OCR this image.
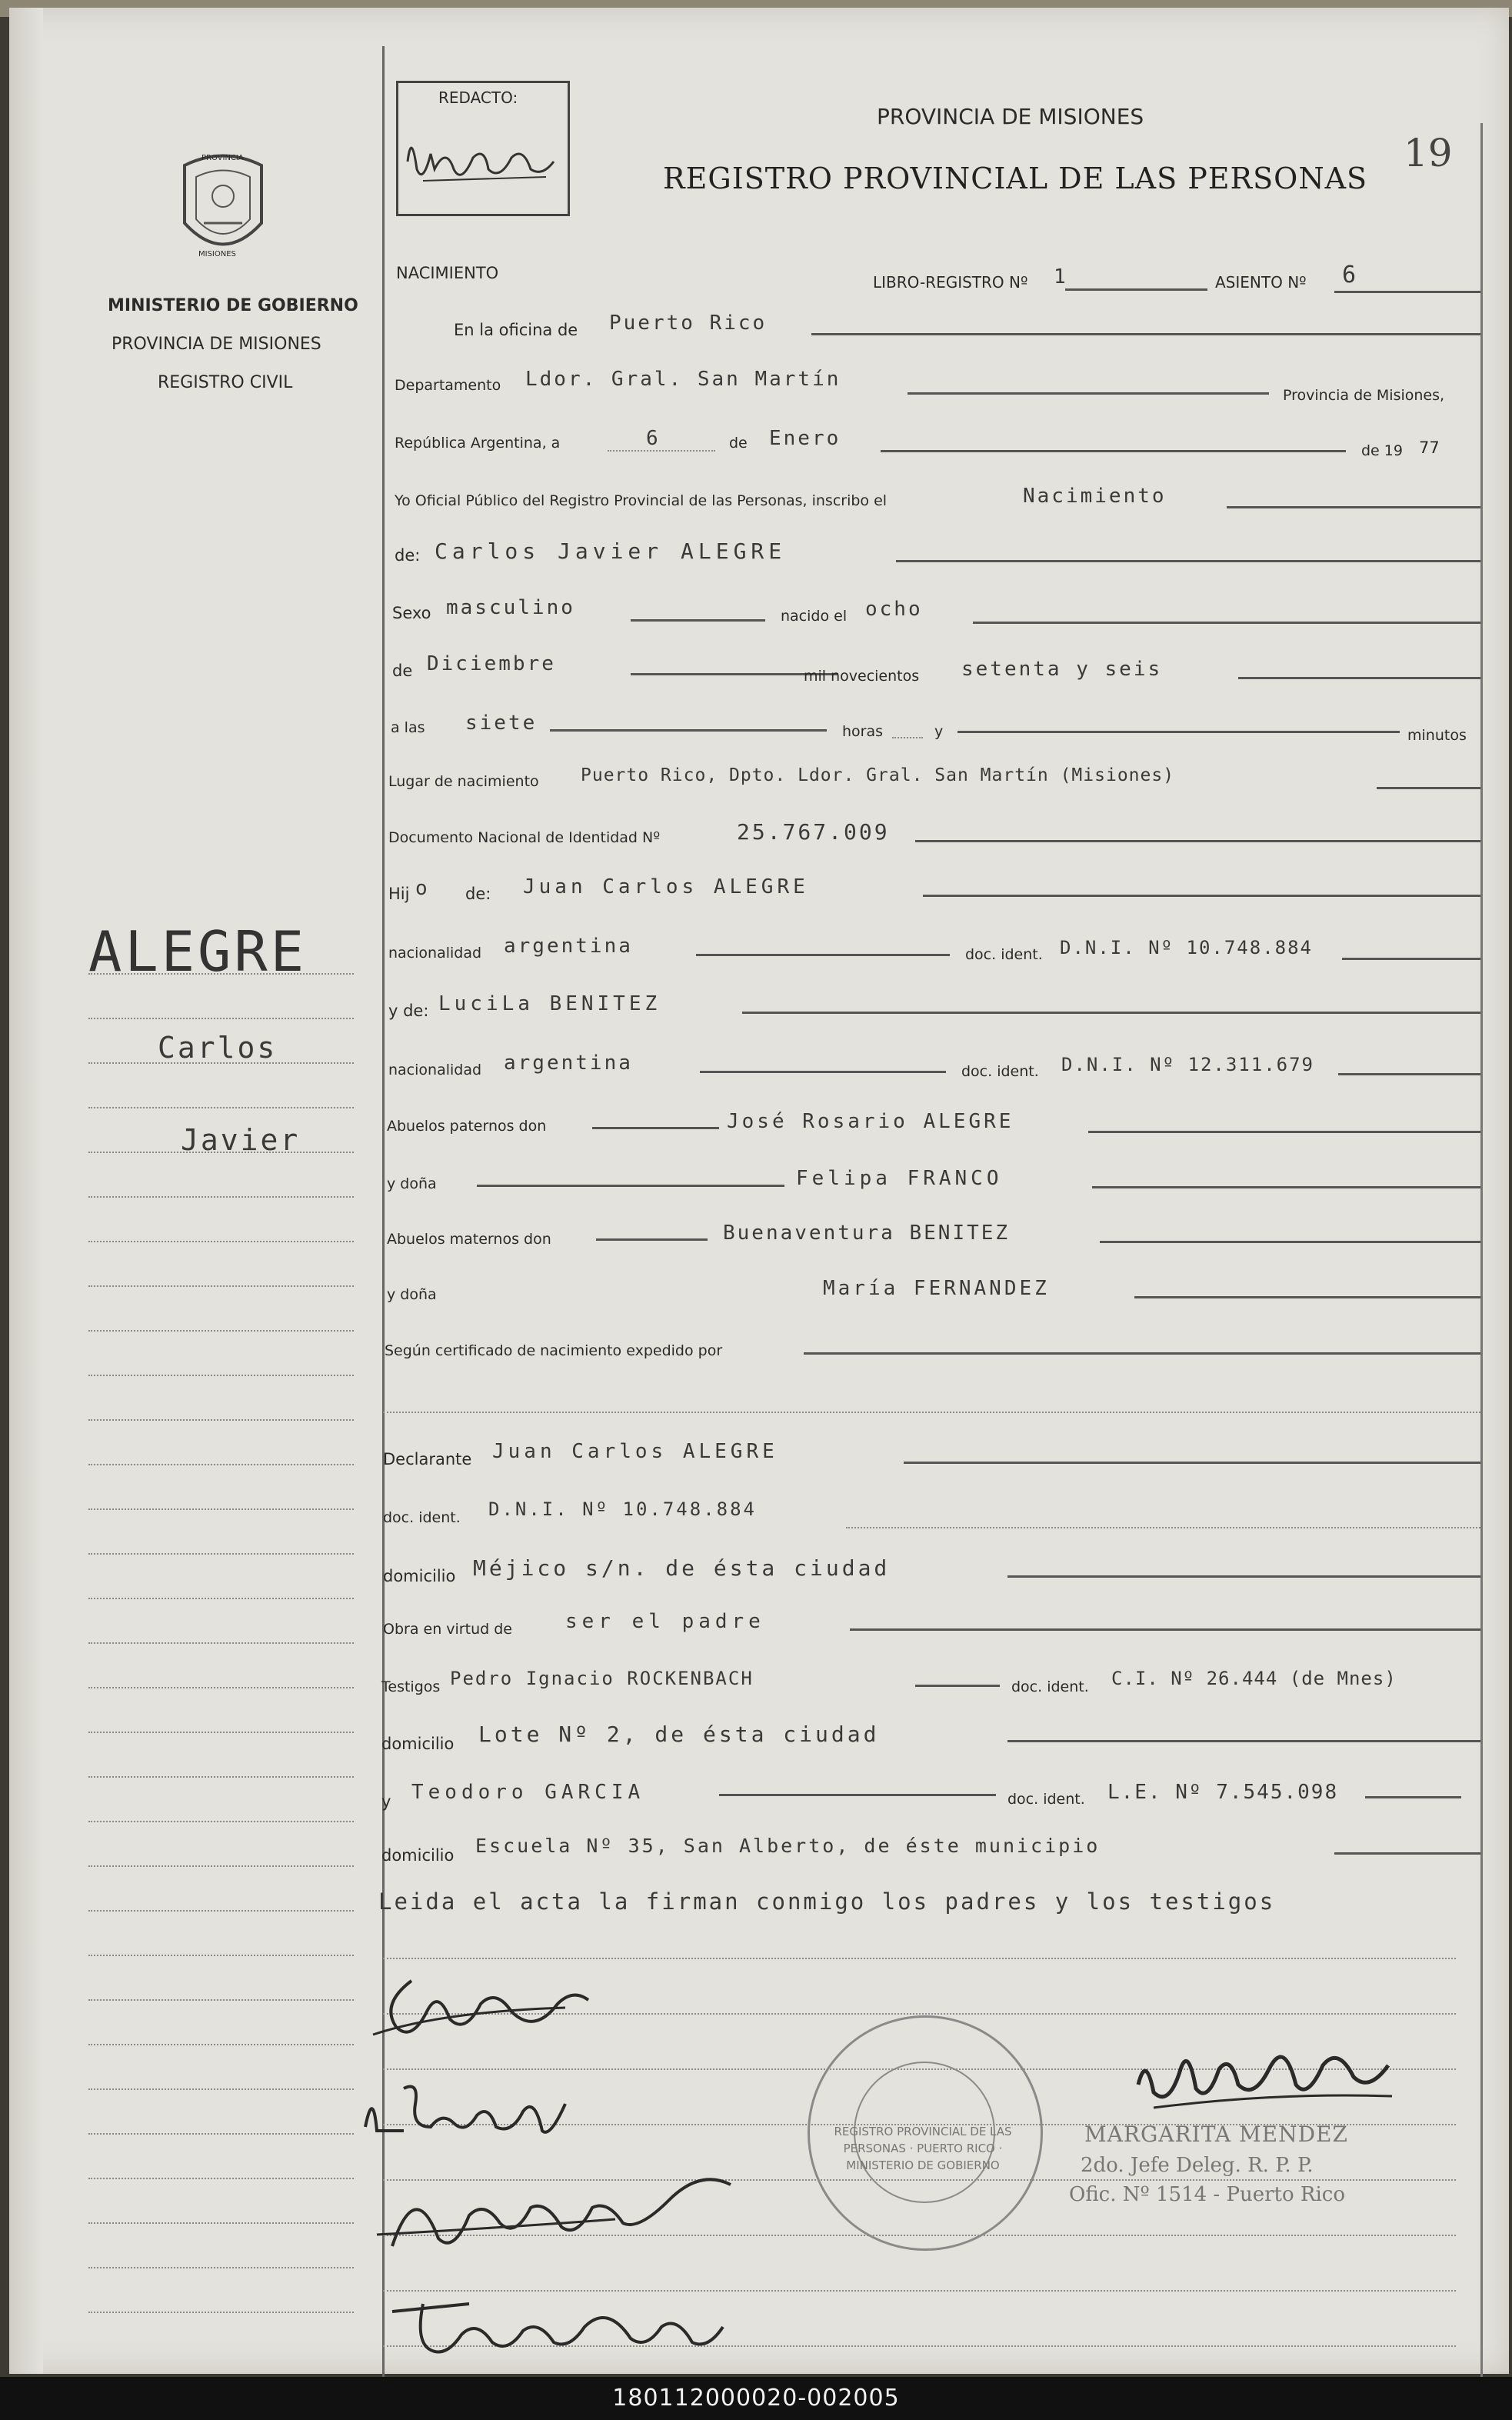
PROVINCIA
MISIONES
MINISTERIO DE GOBIERNO
PROVINCIA DE MISIONES
REGISTRO CIVIL
REDACTO:
PROVINCIA DE MISIONES
REGISTRO PROVINCIAL DE LAS PERSONAS
19
ALEGRE
Carlos
Javier
NACIMIENTO	LIBRO-REGISTRO Nº 1	ASIENTO Nº 6
En la oficina de Puerto Rico
Departamento Ldor. Gral. San Martín
Provincia de Misiones,
República Argentina, a	6	de Enero
de 19 77
Yo Oficial Público del Registro Provincial de las Personas, inscribo el	Nacimiento
de: Carlos Javier ALEGRE
Sexo masculino	nacido el ocho
de Diciembre
mil novecientos setenta y seis
a las siete	horas	y	minutos
Lugar de nacimiento Puerto Rico, Dpto. Ldor. Gral. San Martín (Misiones)
Documento Nacional de Identidad Nº	25.767.009
Hij o de: Juan Carlos ALEGRE
nacionalidad argentina	doc. ident. D.N.I. Nº 10.748.884
y de: LuciLa BENITEZ
nacionalidad argentina	doc. ident. D.N.I. Nº 12.311.679
Abuelos paternos don	José Rosario ALEGRE
y doña	Felipa FRANCO
Abuelos maternos don	Buenaventura BENITEZ
y doña	María FERNANDEZ
Según certificado de nacimiento expedido por
Declarante Juan Carlos ALEGRE
doc. ident. D.N.I. Nº 10.748.884
domicilio Méjico s/n. de ésta ciudad
Obra en virtud de	ser el padre
Testigos Pedro Ignacio ROCKENBACH	doc. ident. C.I. Nº 26.444 (de Mnes)
domicilio Lote Nº 2, de ésta ciudad
y Teodoro GARCIA	doc. ident. L.E. Nº 7.545.098
domicilio Escuela Nº 35, San Alberto, de éste municipio
Leida el acta la firman conmigo los padres y los testigos
REGISTRO PROVINCIAL DE LAS PERSONAS · PUERTO RICO · MINISTERIO DE GOBIERNO
MARGARITA MENDEZ
2do. Jefe Deleg. R. P. P.
Ofic. Nº 1514 - Puerto Rico
180112000020-002005
